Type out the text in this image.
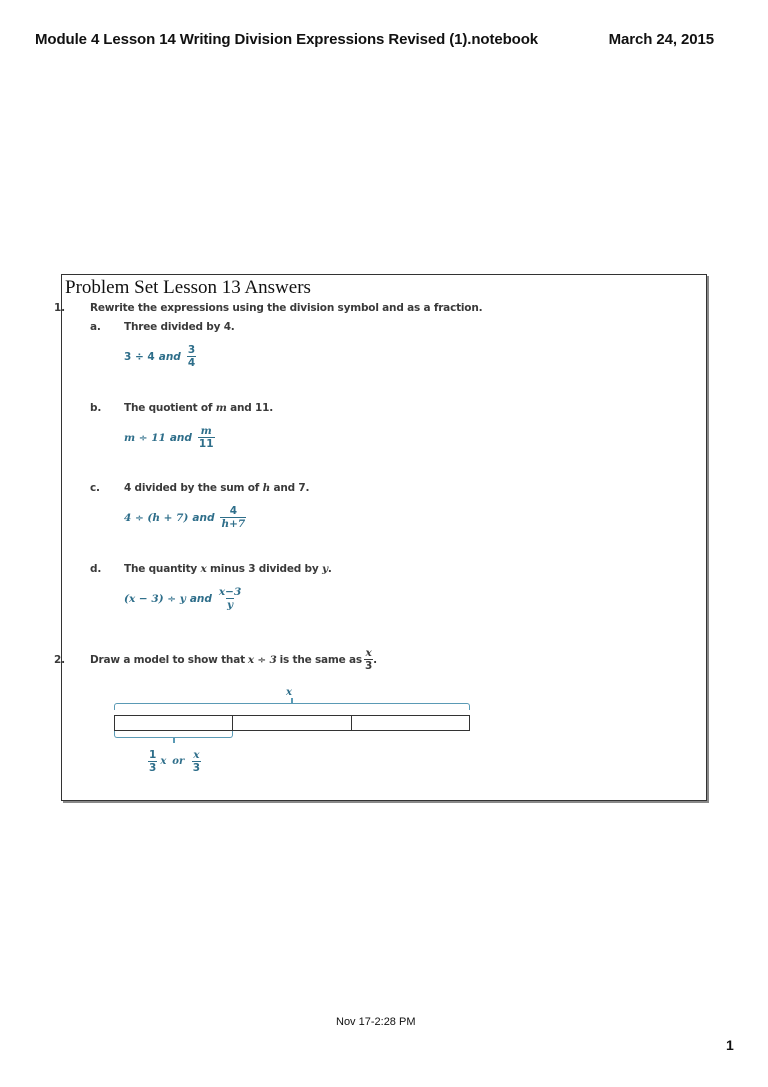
Module 4 Lesson 14 Writing Division Expressions Revised (1).notebook	March 24, 2015
Problem Set Lesson 13 Answers
1. Rewrite the expressions using the division symbol and as a fraction.
a. Three divided by 4.
3 ÷ 4 and $\frac{3}{4}$
b. The quotient of m and 11.
m ÷ 11 and $\frac{m}{11}$
c. 4 divided by the sum of h and 7.
4 ÷ (h + 7) and $\frac{4}{h+7}$
d. The quantity x minus 3 divided by y.
(x − 3) ÷ y and $\frac{x-3}{y}$
2. Draw a model to show that x ÷ 3 is the same as $\frac{x}{3}$ .
x
$\frac{1}{3}$ x or $\frac{x}{3}$
Nov 17-2:28 PM
1
